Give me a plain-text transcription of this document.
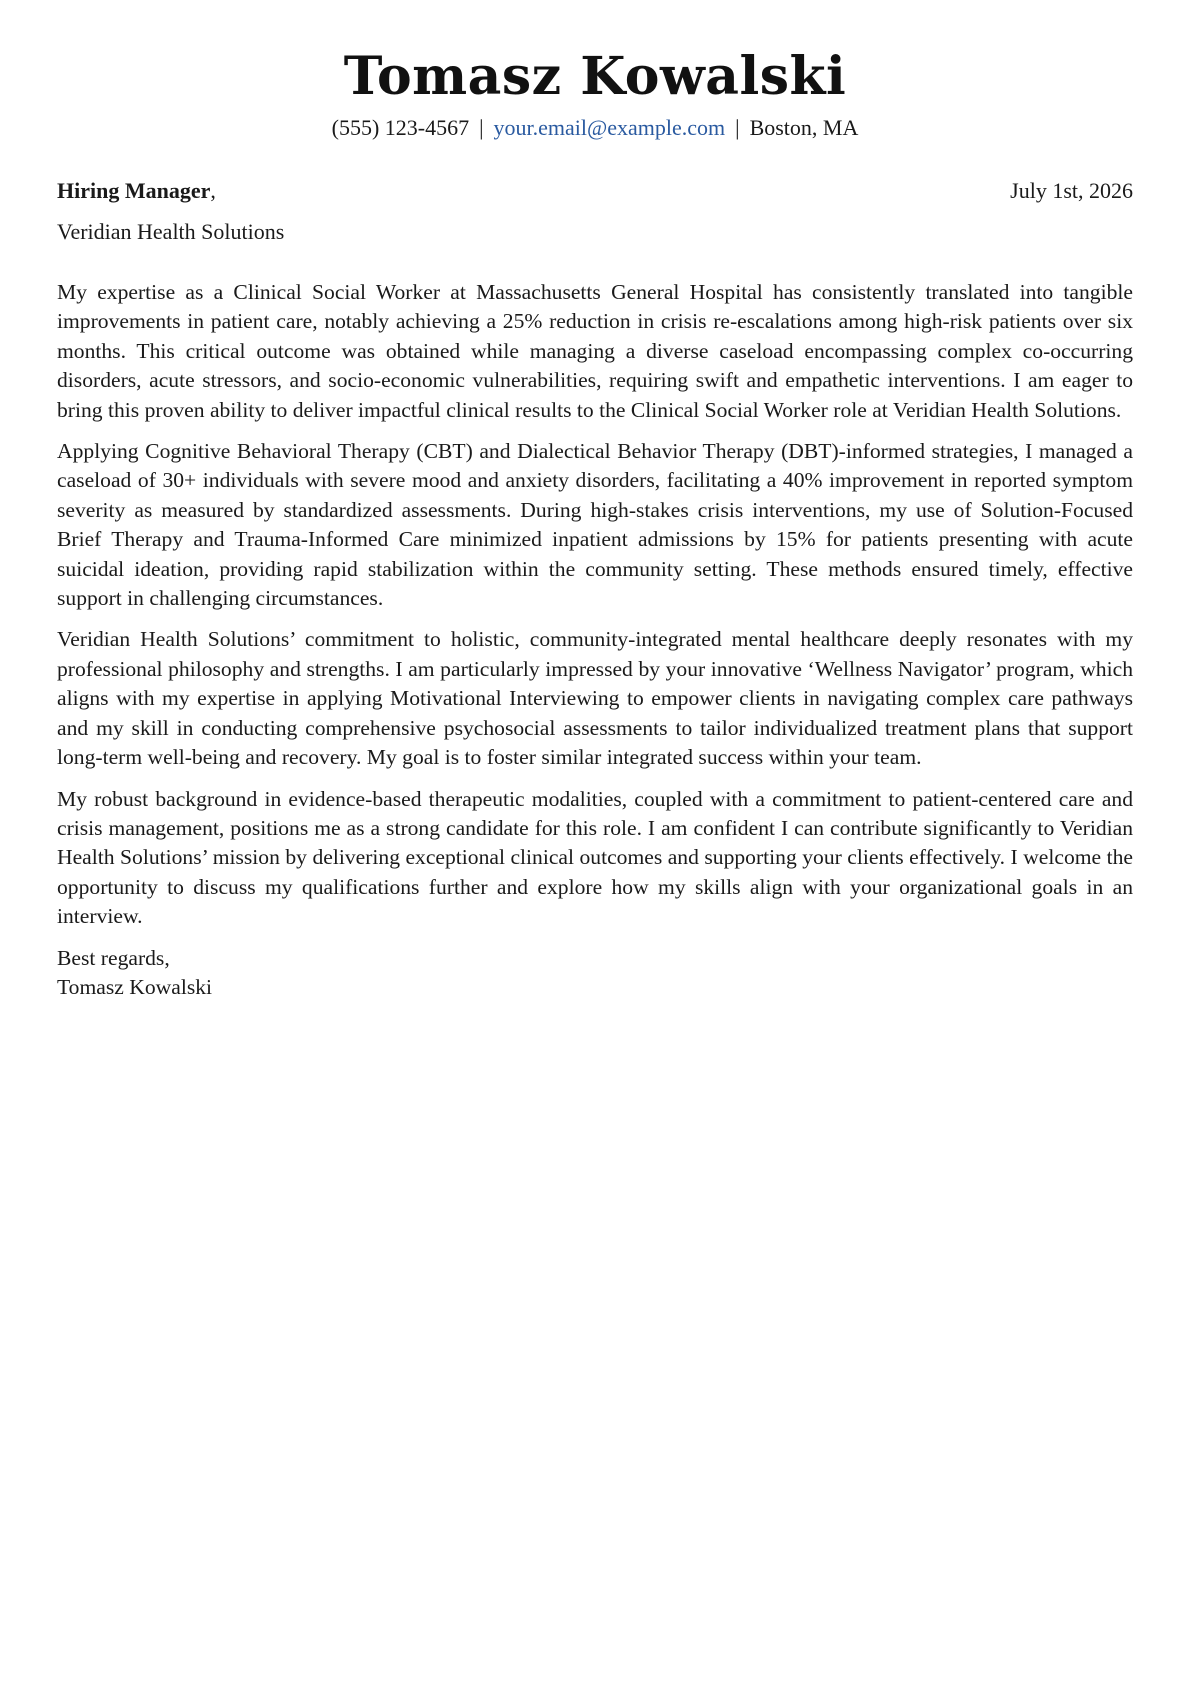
Tomasz Kowalski
(555) 123-4567 | your.email@example.com | Boston, MA
Hiring Manager,	July 1st, 2026
Veridian Health Solutions

My expertise as a Clinical Social Worker at Massachusetts General Hospital has consistently translated into tangible improvements in patient care, notably achieving a 25% reduction in crisis re-escalations among high-risk patients over six months. This critical outcome was obtained while managing a diverse caseload encompassing complex co-occurring disorders, acute stressors, and socio-economic vulnerabilities, requiring swift and empathetic interventions. I am eager to bring this proven ability to deliver impactful clinical results to the Clinical Social Worker role at Veridian Health Solutions.

Applying Cognitive Behavioral Therapy (CBT) and Dialectical Behavior Therapy (DBT)-informed strategies, I managed a caseload of 30+ individuals with severe mood and anxiety disorders, facilitating a 40% improvement in reported symptom severity as measured by standardized assessments. During high-stakes crisis interventions, my use of Solution-Focused Brief Therapy and Trauma-Informed Care minimized inpatient admissions by 15% for patients presenting with acute suicidal ideation, providing rapid stabilization within the community setting. These methods ensured timely, effective support in challenging circumstances.

Veridian Health Solutions’ commitment to holistic, community-integrated mental healthcare deeply resonates with my professional philosophy and strengths. I am particularly impressed by your innovative ‘Wellness Navigator’ program, which aligns with my expertise in applying Motivational Interviewing to empower clients in navigating complex care pathways and my skill in conducting comprehensive psychosocial assessments to tailor individualized treatment plans that support long-term well-being and recovery. My goal is to foster similar integrated success within your team.

My robust background in evidence-based therapeutic modalities, coupled with a commitment to patient-centered care and crisis management, positions me as a strong candidate for this role. I am confident I can contribute significantly to Veridian Health Solutions’ mission by delivering exceptional clinical outcomes and supporting your clients effectively. I welcome the opportunity to discuss my qualifications further and explore how my skills align with your organizational goals in an interview.

Best regards,
Tomasz Kowalski
